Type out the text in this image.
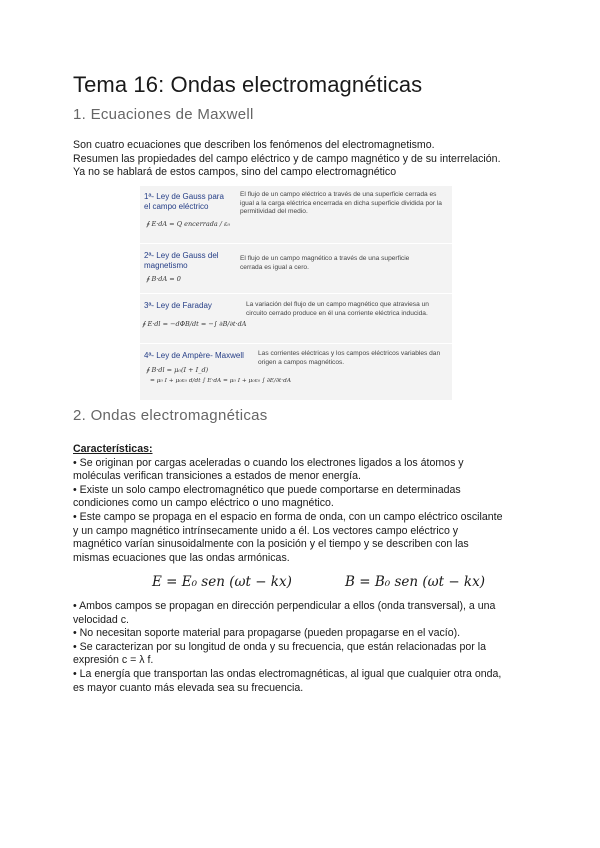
Tema 16: Ondas electromagnéticas
1. Ecuaciones de Maxwell
Son cuatro ecuaciones que describen los fenómenos del electromagnetismo.
Resumen las propiedades del campo eléctrico y de campo magnético y de su interrelación.
Ya no se hablará de estos campos, sino del campo electromagnético
1ª- Ley de Gauss para
el campo eléctrico
∮ E·dA = Q encerrada / ε₀
El flujo de un campo eléctrico a través de una superficie cerrada es igual a la carga eléctrica encerrada en dicha superficie dividida por la permitividad del medio.
2ª- Ley de Gauss del
magnetismo
∮ B·dA = 0
El flujo de un campo magnético a través de una superficie cerrada es igual a cero.
3ª- Ley de Faraday
∮ E·dl = −dΦB/dt = −∫ ∂B/∂t·dA
La variación del flujo de un campo magnético que atraviesa un circuito cerrado produce en él una corriente eléctrica inducida.
4ª- Ley de Ampère- Maxwell
∮ B·dl = μ₀(I + I_d)
= μ₀ I + μ₀ε₀ d/dt ∫ E·dA = μ₀ I + μ₀ε₀ ∫ ∂E/∂t·dA
Las corrientes eléctricas y los campos eléctricos variables dan origen a campos magnéticos.
2. Ondas electromagnéticas
Características:
• Se originan por cargas aceleradas o cuando los electrones ligados a los átomos y
moléculas verifican transiciones a estados de menor energía.
• Existe un solo campo electromagnético que puede comportarse en determinadas
condiciones como un campo eléctrico o uno magnético.
• Este campo se propaga en el espacio en forma de onda, con un campo eléctrico oscilante
y un campo magnético intrínsecamente unido a él. Los vectores campo eléctrico y
magnético varían sinusoidalmente con la posición y el tiempo y se describen con las
mismas ecuaciones que las ondas armónicas.
E = E₀ sen (ωt − kx)	B = B₀ sen (ωt − kx)
• Ambos campos se propagan en dirección perpendicular a ellos (onda transversal), a una
velocidad c.
• No necesitan soporte material para propagarse (pueden propagarse en el vacío).
• Se caracterizan por su longitud de onda y su frecuencia, que están relacionadas por la
expresión c = λ f.
• La energía que transportan las ondas electromagnéticas, al igual que cualquier otra onda,
es mayor cuanto más elevada sea su frecuencia.
